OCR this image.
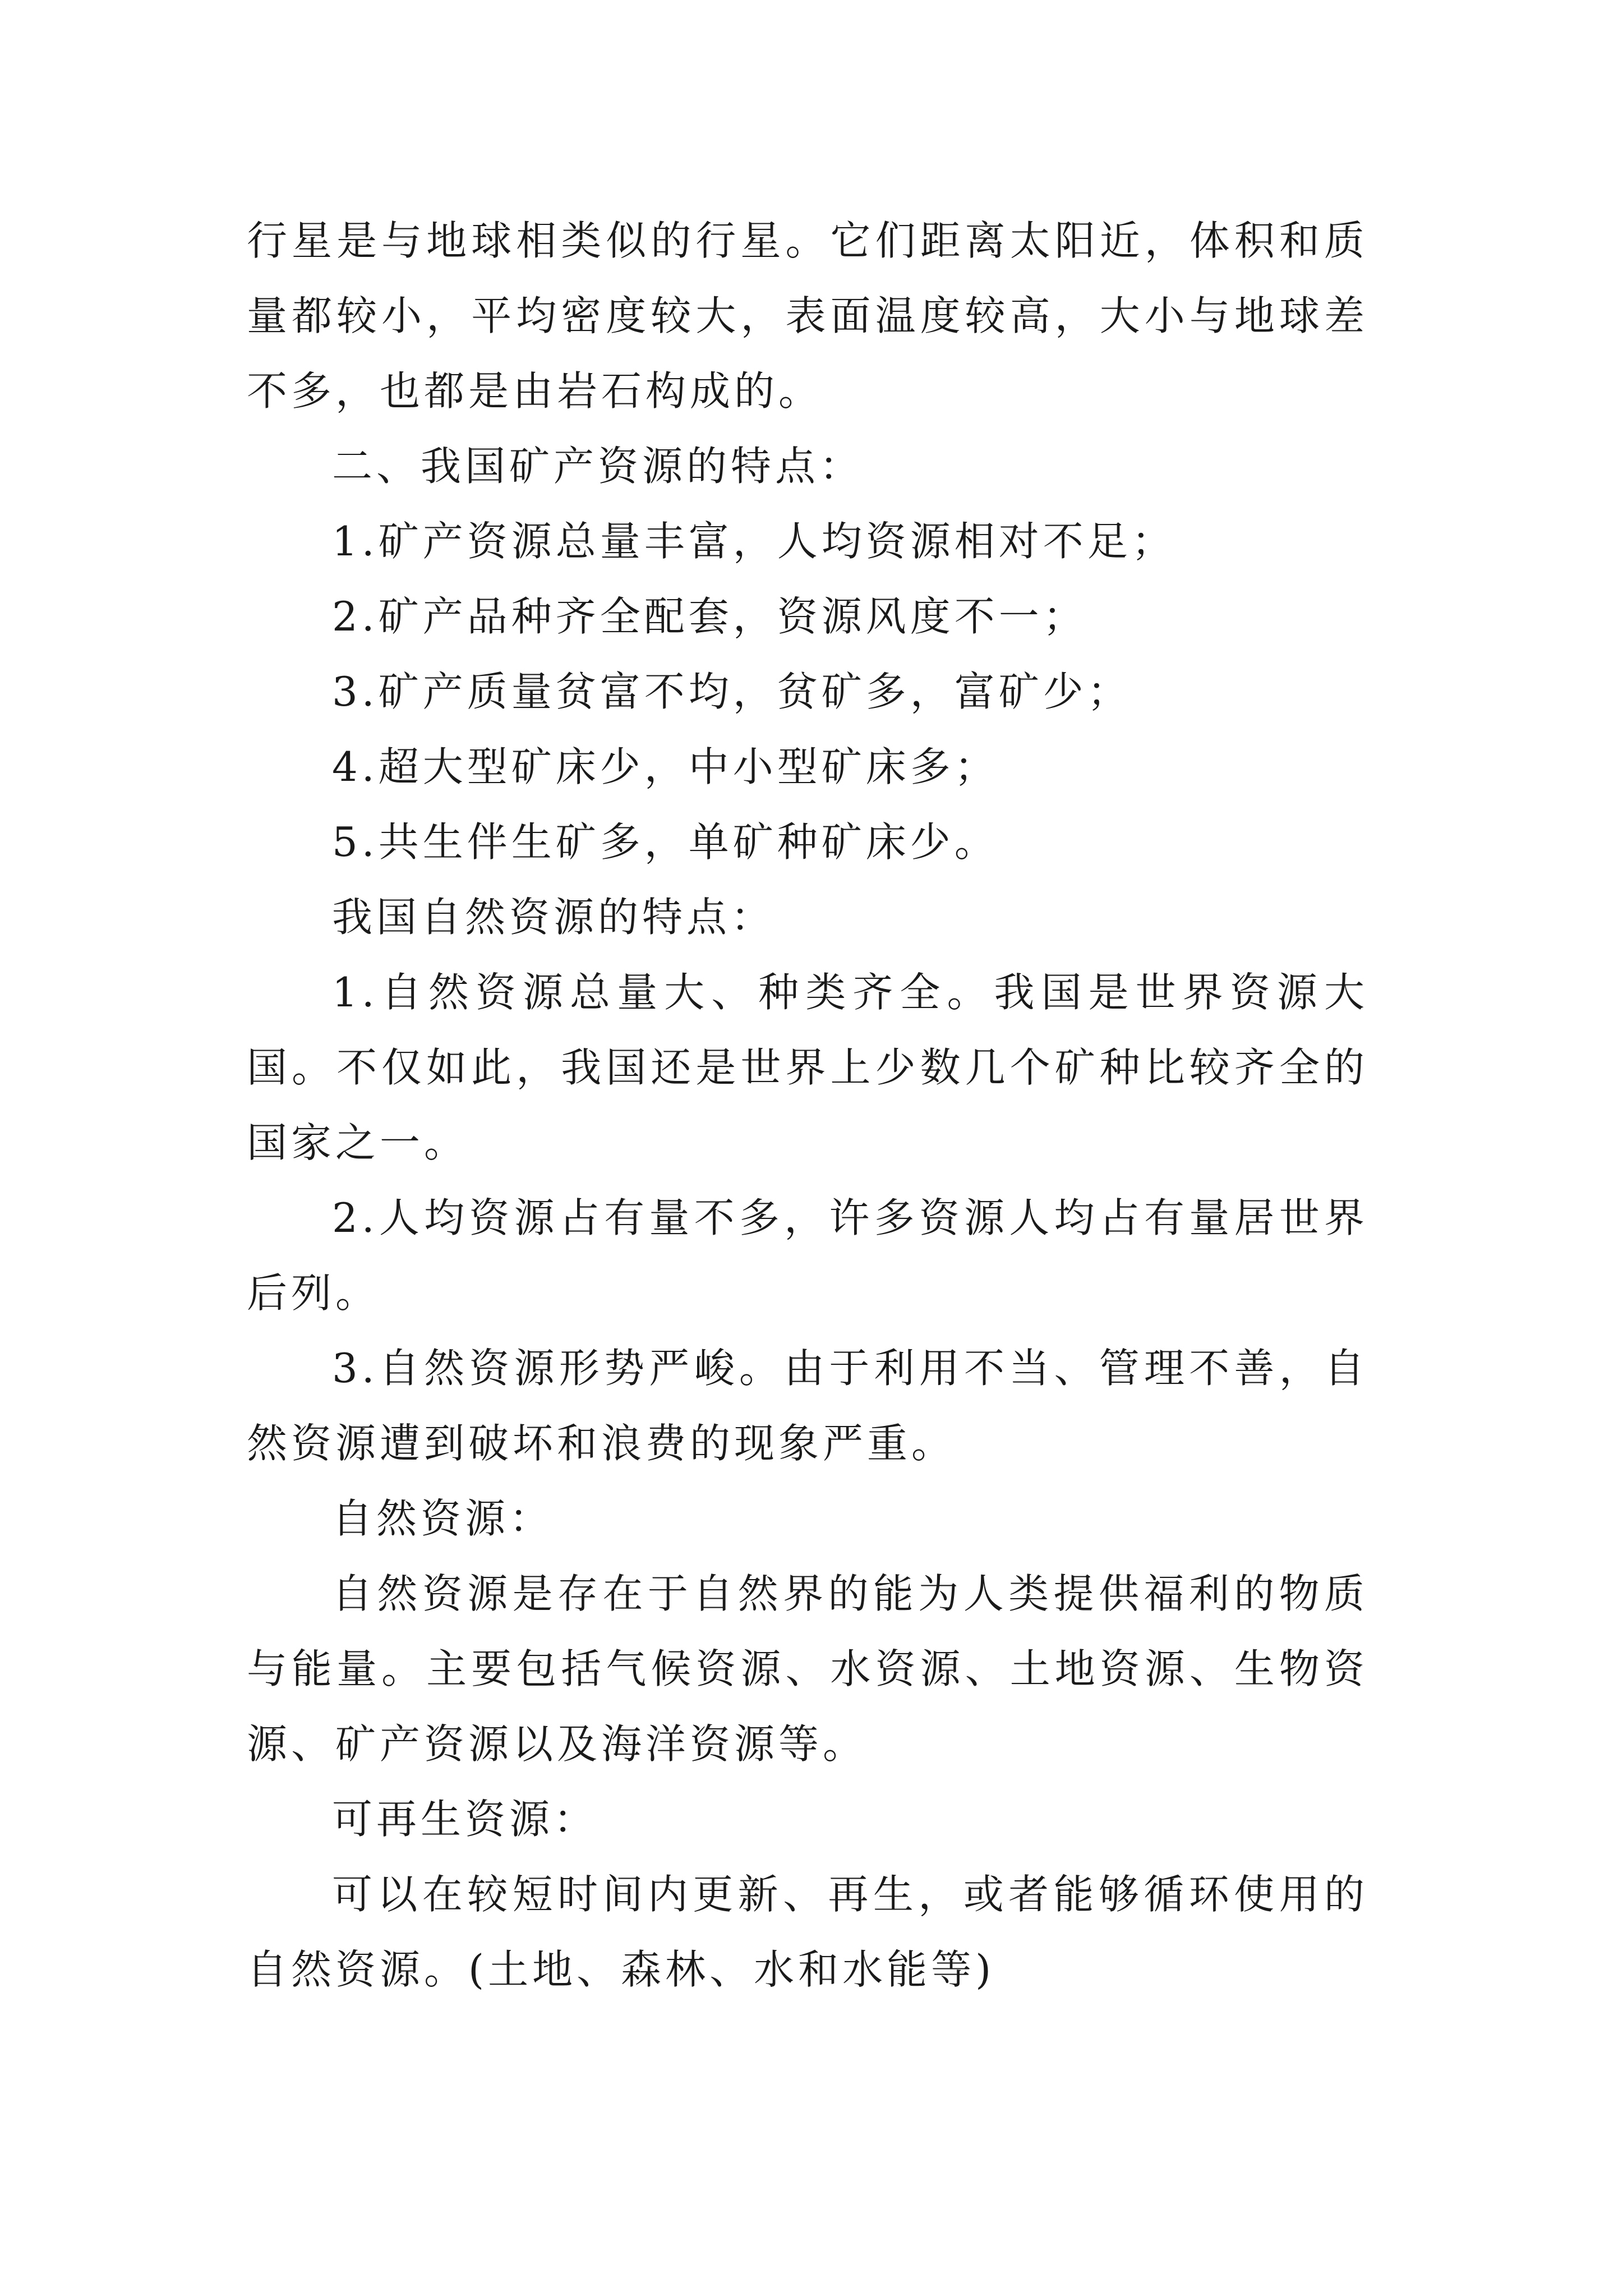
行星是与地球相类似的行星。它们距离太阳近，体积和质量都较小，平均密度较大，表面温度较高，大小与地球差不多，也都是由岩石构成的。

二、我国矿产资源的特点：

1.矿产资源总量丰富，人均资源相对不足；

2.矿产品种齐全配套，资源风度不一；

3.矿产质量贫富不均，贫矿多，富矿少；

4.超大型矿床少，中小型矿床多；

5.共生伴生矿多，单矿种矿床少。

我国自然资源的特点：

1.自然资源总量大、种类齐全。我国是世界资源大国。不仅如此，我国还是世界上少数几个矿种比较齐全的国家之一。

2.人均资源占有量不多，许多资源人均占有量居世界后列。

3.自然资源形势严峻。由于利用不当、管理不善，自然资源遭到破坏和浪费的现象严重。

自然资源：

自然资源是存在于自然界的能为人类提供福利的物质与能量。主要包括气候资源、水资源、土地资源、生物资源、矿产资源以及海洋资源等。

可再生资源：

可以在较短时间内更新、再生，或者能够循环使用的自然资源。(土地、森林、水和水能等)
